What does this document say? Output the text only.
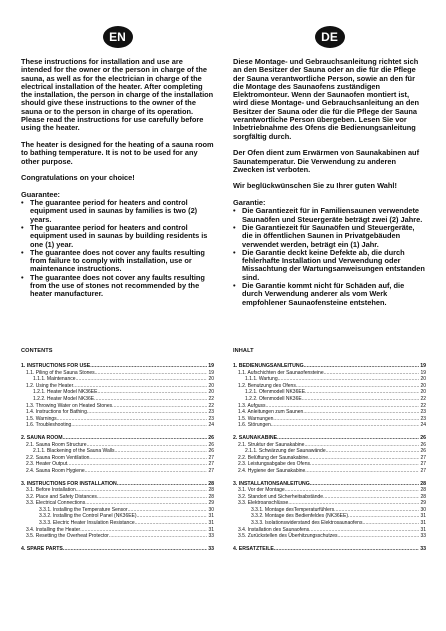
EN

These instructions for installation and use are intended for the owner or the person in charge of the sauna, as well as for the electrician in charge of the electrical installation of the heater. After completing the installation, the person in charge of the installation should give these instructions to the owner of the sauna or to the person in charge of its operation. Please read the instructions for use carefully before using the heater.

The heater is designed for the heating of a sauna room to bathing temperature. It is not to be used for any other purpose.

Congratulations on your choice!

Guarantee:

• The guarantee period for heaters and control equipment used in saunas by families is two (2) years.
• The guarantee period for heaters and control equipment used in saunas by building residents is one (1) year.
• The guarantee does not cover any faults resulting from failure to comply with installation, use or maintenance instructions.
• The guarantee does not cover any faults resulting from the use of stones not recommended by the heater manufacturer.
DE

Diese Montage- und Gebrauchsanleitung richtet sich an den Besitzer der Sauna oder an die für die Pflege der Sauna verantwortliche Person, sowie an den für die Montage des Saunaofens zuständigen Elektromonteur. Wenn der Saunaofen montiert ist, wird diese Montage- und Gebrauchsanleitung an den Besitzer der Sauna oder die für die Pflege der Sauna verantwortliche Person übergeben. Lesen Sie vor Inbetriebnahme des Ofens die Bedienungsanleitung sorgfältig durch.

Der Ofen dient zum Erwärmen von Saunakabinen auf Saunatemperatur. Die Verwendung zu anderen Zwecken ist verboten.

Wir beglückwünschen Sie zu Ihrer guten Wahl!

Garantie:

• Die Garantiezeit für in Familiensaunen verwendete Saunaöfen und Steuergeräte beträgt zwei (2) Jahre.
• Die Garantiezeit für Saunaöfen und Steuergeräte, die in öffentlichen Saunen in Privatgebäuden verwendet werden, beträgt ein (1) Jahr.
• Die Garantie deckt keine Defekte ab, die durch fehlerhafte Installation und Verwendung oder Missachtung der Wartungsanweisungen entstanden sind.
• Die Garantie kommt nicht für Schäden auf, die durch Verwendung anderer als vom Werk empfohlener Saunaofensteine entstehen.
CONTENTS
1. INSTRUCTIONS FOR USE .....	19
1.1. Piling of the Sauna Stones .....	19
1.1.1. Maintenance .....	20
1.2. Using the Heater .....	20
1.2.1. Heater Model NK36EE .....	20
1.2.2. Heater Model NK36E .....	22
1.3. Throwing Water on Heated Stones .....	22
1.4. Instructions for Bathing .....	23
1.5. Warnings .....	23
1.6. Troubleshooting .....	24
2. SAUNA ROOM .....	26
2.1. Sauna Room Structure .....	26
2.1.1. Blackening of the Sauna Walls .....	26
2.2. Sauna Room Ventilation .....	27
2.3. Heater Output .....	27
2.4. Sauna Room Hygiene .....	27
3. INSTRUCTIONS FOR INSTALLATION .....	28
3.1. Before Installation .....	28
3.2. Place and Safety Distances .....	28
3.3. Electrical Connections .....	29
3.3.1. Installing the Temperature Sensor .....	30
3.3.2. Installing the Control Panel (NK36EE) .....	31
3.3.3. Electric Heater Insulation Resistance .....	31
3.4. Installing the Heater .....	31
3.5. Resetting the Overheat Protector .....	33
4. SPARE PARTS .....	33
INHALT
1. BEDIENUNGSANLEITUNG .....	19
1.1. Aufschichten der Saunaofensteine .....	19
1.1.1. Wartung .....	20
1.2. Benutzung des Ofens .....	20
1.2.1. Ofenmodell NK36EE .....	20
1.2.2. Ofenmodell NK36E .....	22
1.3. Aufguss .....	22
1.4. Anleitungen zum Saunen .....	23
1.5. Warnungen .....	23
1.6. Störungen .....	24
2. SAUNAKABINE .....	26
2.1. Struktur der Saunakabine .....	26
2.1.1. Schwärzung der Saunawände .....	26
2.2. Belüftung der Saunakabine .....	27
2.3. Leistungsabgabe des Ofens .....	27
2.4. Hygiene der Saunakabine .....	27
3. INSTALLATIONSANLEITUNG .....	28
3.1. Vor der Montage .....	28
3.2. Standort und Sicherheitsabstände .....	28
3.3. Elektroanschlüsse .....	29
3.3.1. Montage desTemperaturfühlers .....	30
3.3.2. Montage des Bedienfeldes (NK36EE) .....	31
3.3.3. Isolationswiderstand des Elektrosaunaofens .....	31
3.4. Installation des Saunaofens .....	31
3.5. Zurückstellen des Überhitzungsschutzes .....	33
4. ERSATZTEILE .....	33
